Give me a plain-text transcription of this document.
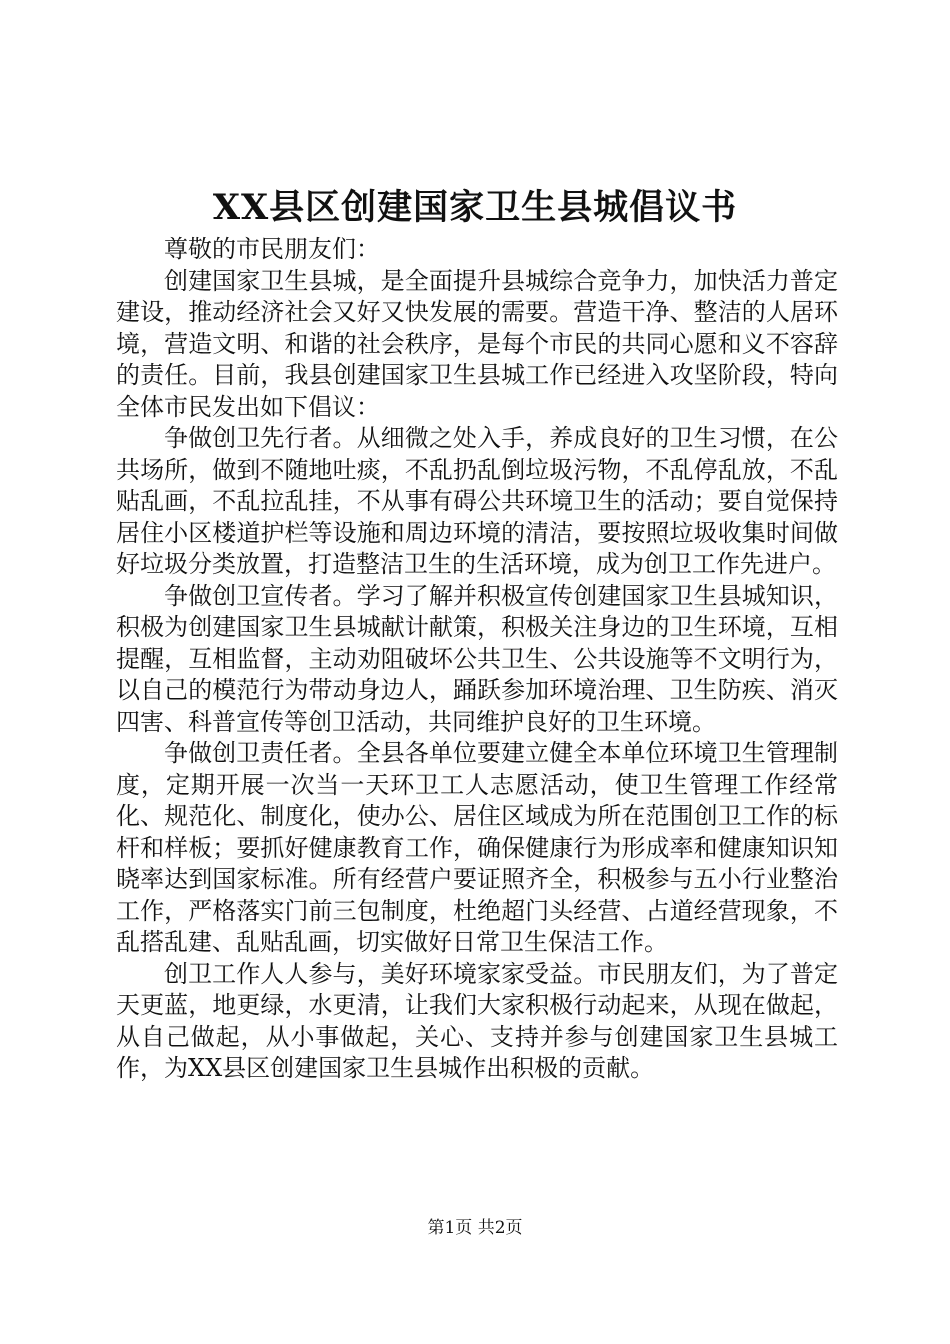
XX县区创建国家卫生县城倡议书

尊敬的市民朋友们：

创建国家卫生县城，是全面提升县城综合竞争力，加快活力普定建设，推动经济社会又好又快发展的需要。营造干净、整洁的人居环境，营造文明、和谐的社会秩序，是每个市民的共同心愿和义不容辞的责任。目前，我县创建国家卫生县城工作已经进入攻坚阶段，特向全体市民发出如下倡议：

争做创卫先行者。从细微之处入手，养成良好的卫生习惯，在公共场所，做到不随地吐痰，不乱扔乱倒垃圾污物，不乱停乱放，不乱贴乱画，不乱拉乱挂，不从事有碍公共环境卫生的活动；要自觉保持居住小区楼道护栏等设施和周边环境的清洁，要按照垃圾收集时间做好垃圾分类放置，打造整洁卫生的生活环境，成为创卫工作先进户。

争做创卫宣传者。学习了解并积极宣传创建国家卫生县城知识，积极为创建国家卫生县城献计献策，积极关注身边的卫生环境，互相提醒，互相监督，主动劝阻破坏公共卫生、公共设施等不文明行为，以自己的模范行为带动身边人，踊跃参加环境治理、卫生防疾、消灭四害、科普宣传等创卫活动，共同维护良好的卫生环境。

争做创卫责任者。全县各单位要建立健全本单位环境卫生管理制度，定期开展一次当一天环卫工人志愿活动，使卫生管理工作经常化、规范化、制度化，使办公、居住区域成为所在范围创卫工作的标杆和样板；要抓好健康教育工作，确保健康行为形成率和健康知识知晓率达到国家标准。所有经营户要证照齐全，积极参与五小行业整治工作，严格落实门前三包制度，杜绝超门头经营、占道经营现象，不乱搭乱建、乱贴乱画，切实做好日常卫生保洁工作。

创卫工作人人参与，美好环境家家受益。市民朋友们，为了普定天更蓝，地更绿，水更清，让我们大家积极行动起来，从现在做起，从自己做起，从小事做起，关心、支持并参与创建国家卫生县城工作，为XX县区创建国家卫生县城作出积极的贡献。

第1页 共2页
